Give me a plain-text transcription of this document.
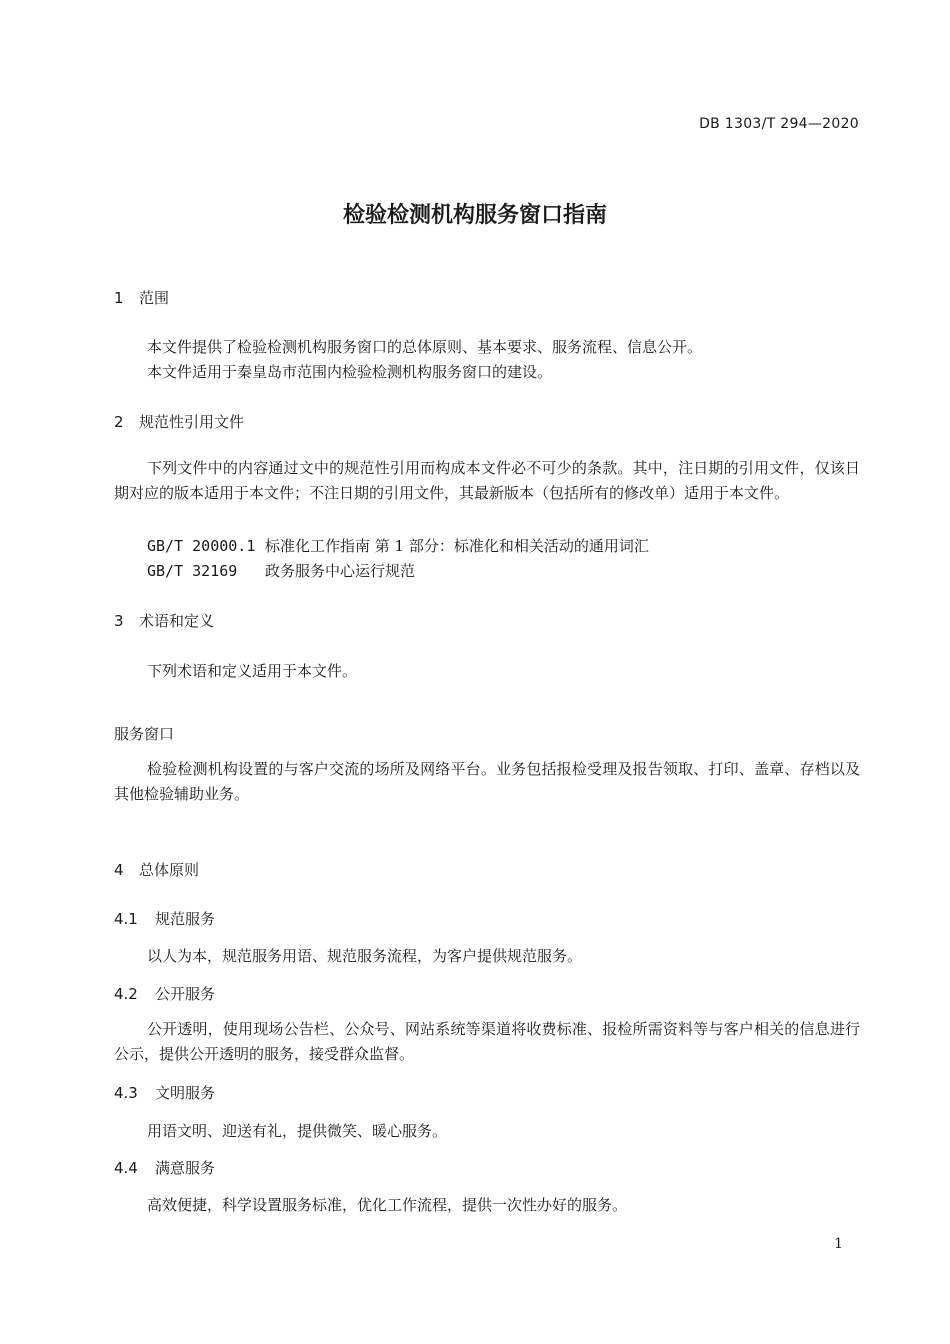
DB 1303/T 294—2020
检验检测机构服务窗口指南
1 范围
本文件提供了检验检测机构服务窗口的总体原则、基本要求、服务流程、信息公开。
本文件适用于秦皇岛市范围内检验检测机构服务窗口的建设。
2 规范性引用文件
下列文件中的内容通过文中的规范性引用而构成本文件必不可少的条款。其中，注日期的引用文件，仅该日期对应的版本适用于本文件；不注日期的引用文件，其最新版本（包括所有的修改单）适用于本文件。
GB/T 20000.1 标准化工作指南 第 1 部分：标准化和相关活动的通用词汇
GB/T 32169 政务服务中心运行规范
3 术语和定义
下列术语和定义适用于本文件。
服务窗口
检验检测机构设置的与客户交流的场所及网络平台。业务包括报检受理及报告领取、打印、盖章、存档以及其他检验辅助业务。
4 总体原则
4.1 规范服务
以人为本，规范服务用语、规范服务流程，为客户提供规范服务。
4.2 公开服务
公开透明，使用现场公告栏、公众号、网站系统等渠道将收费标准、报检所需资料等与客户相关的信息进行公示，提供公开透明的服务，接受群众监督。
4.3 文明服务
用语文明、迎送有礼，提供微笑、暖心服务。
4.4 满意服务
高效便捷，科学设置服务标准，优化工作流程，提供一次性办好的服务。
1
